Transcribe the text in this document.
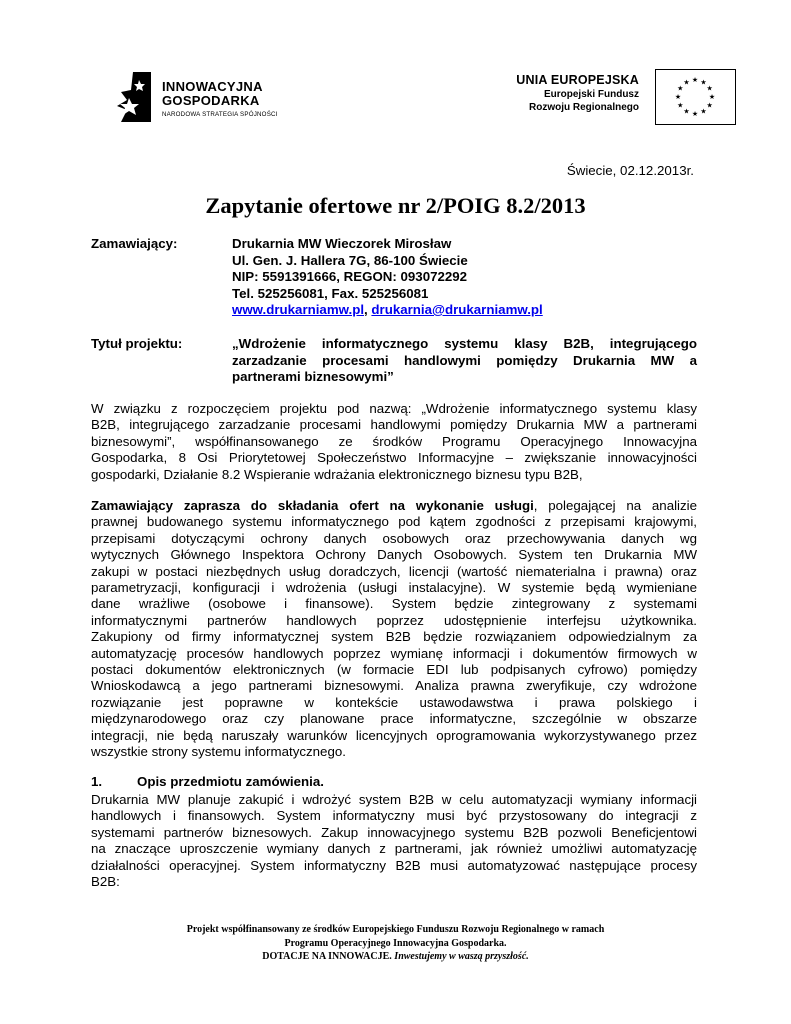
INNOWACYJNA
GOSPODARKA
NARODOWA STRATEGIA SPÓJNOŚCI
UNIA EUROPEJSKA
Europejski Fundusz
Rozwoju Regionalnego
★ ★
★
★
★
★
★
★
★
★
★
★
Świecie, 02.12.2013r.
Zapytanie ofertowe nr 2/POIG 8.2/2013
Zamawiający:	Drukarnia MW Wieczorek Mirosław
Ul. Gen. J. Hallera 7G, 86-100 Świecie
NIP: 5591391666, REGON: 093072292
Tel. 525256081, Fax. 525256081
www.drukarniamw.pl, drukarnia@drukarniamw.pl
Tytuł projektu:	„Wdrożenie informatycznego systemu klasy B2B, integrującego
zarzadzanie procesami handlowymi pomiędzy Drukarnia MW a
partnerami biznesowymi”
W związku z rozpoczęciem projektu pod nazwą: „Wdrożenie informatycznego systemu klasy
B2B, integrującego zarzadzanie procesami handlowymi pomiędzy Drukarnia MW a partnerami
biznesowymi”, współfinansowanego ze środków Programu Operacyjnego Innowacyjna
Gospodarka, 8 Osi Priorytetowej Społeczeństwo Informacyjne – zwiększanie innowacyjności
gospodarki, Działanie 8.2 Wspieranie wdrażania elektronicznego biznesu typu B2B,
Zamawiający zaprasza do składania ofert na wykonanie usługi, polegającej na analizie
prawnej budowanego systemu informatycznego pod kątem zgodności z przepisami krajowymi,
przepisami dotyczącymi ochrony danych osobowych oraz przechowywania danych wg
wytycznych Głównego Inspektora Ochrony Danych Osobowych. System ten Drukarnia MW
zakupi w postaci niezbędnych usług doradczych, licencji (wartość niematerialna i prawna) oraz
parametryzacji, konfiguracji i wdrożenia (usługi instalacyjne). W systemie będą wymieniane
dane wrażliwe (osobowe i finansowe). System będzie zintegrowany z systemami
informatycznymi partnerów handlowych poprzez udostępnienie interfejsu użytkownika.
Zakupiony od firmy informatycznej system B2B będzie rozwiązaniem odpowiedzialnym za
automatyzację procesów handlowych poprzez wymianę informacji i dokumentów firmowych w
postaci dokumentów elektronicznych (w formacie EDI lub podpisanych cyfrowo) pomiędzy
Wnioskodawcą a jego partnerami biznesowymi. Analiza prawna zweryfikuje, czy wdrożone
rozwiązanie jest poprawne w kontekście ustawodawstwa i prawa polskiego i
międzynarodowego oraz czy planowane prace informatyczne, szczególnie w obszarze
integracji, nie będą naruszały warunków licencyjnych oprogramowania wykorzystywanego przez
wszystkie strony systemu informatycznego.
1.	Opis przedmiotu zamówienia.
Drukarnia MW planuje zakupić i wdrożyć system B2B w celu automatyzacji wymiany informacji
handlowych i finansowych. System informatyczny musi być przystosowany do integracji z
systemami partnerów biznesowych. Zakup innowacyjnego systemu B2B pozwoli Beneficjentowi
na znaczące uproszczenie wymiany danych z partnerami, jak również umożliwi automatyzację
działalności operacyjnej. System informatyczny B2B musi automatyzować następujące procesy
B2B:
Projekt współfinansowany ze środków Europejskiego Funduszu Rozwoju Regionalnego w ramach
Programu Operacyjnego Innowacyjna Gospodarka.
DOTACJE NA INNOWACJE. Inwestujemy w waszą przyszłość.
